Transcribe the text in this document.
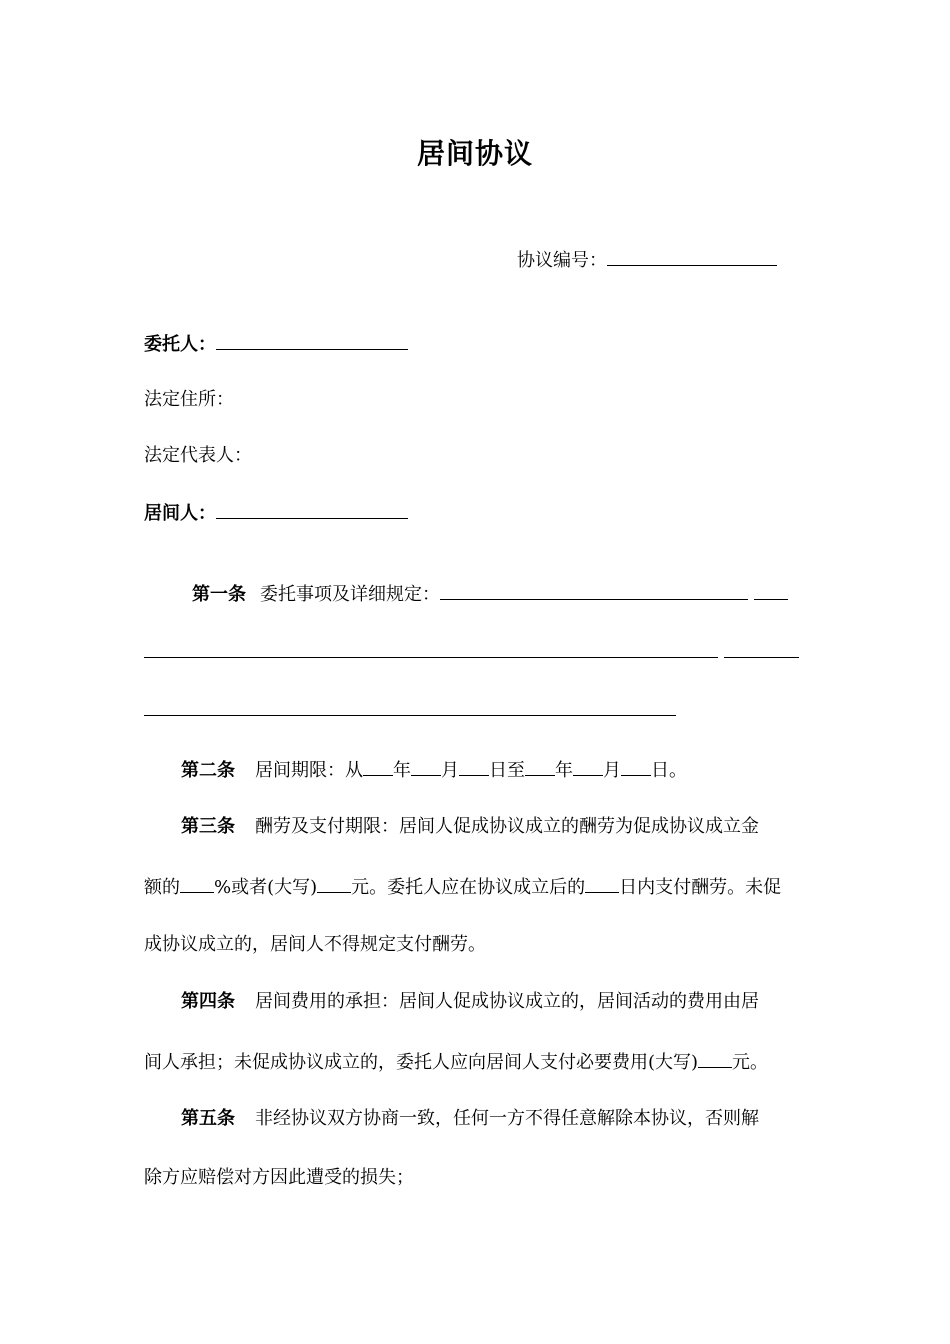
居间协议
协议编号：
委托人：
法定住所：
法定代表人：
居间人：
第一条 委托事项及详细规定：
第二条 居间期限：从 年 月 日至 年 月 日。
第三条 酬劳及支付期限：居间人促成协议成立的酬劳为促成协议成立金
额的 %或者(大写) 元。委托人应在协议成立后的 日内支付酬劳。未促
成协议成立的，居间人不得规定支付酬劳。
第四条 居间费用的承担：居间人促成协议成立的，居间活动的费用由居
间人承担；未促成协议成立的，委托人应向居间人支付必要费用(大写) 元。
第五条 非经协议双方协商一致，任何一方不得任意解除本协议，否则解
除方应赔偿对方因此遭受的损失；
